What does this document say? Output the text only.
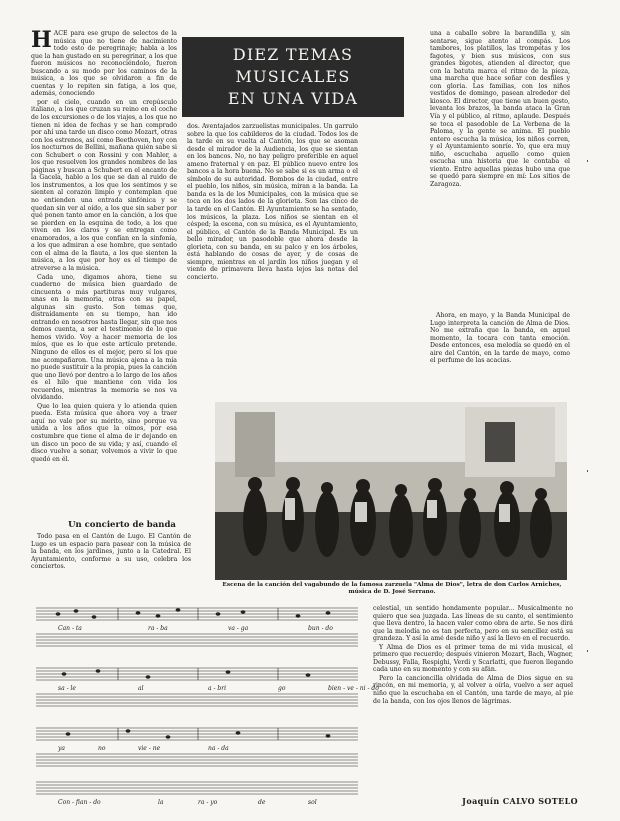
HACE para ese grupo de selectos de la música que no tiene de nacimiento todo esto de peregrinaje; habla a los que la han gustado en su peregrinar, a los que fueron músicos no reconociéndolo, fueron buscando a su modo por los caminos de la música, a los que se olvidaron a fin de cuentas y lo repiten sin fatiga, a los que, además, conociendo

por el cielo, cuando en un crepúsculo italiano, a los que cruzan su reino en el coche de los excursiones o de los viajes, a los que no tienen ni idea de fechas y se han comprado por ahí una tarde un disco como Mozart, otras con los estrenos, así como Beethoven, hoy con los nocturnos de Bellini, mañana quién sabe si con Schubert o con Rossini y con Mahler, a los que resuelven los grandes nombres de las páginas y buscan a Schubert en el encanto de la Gacela, hablo a los que se dan al ruido de los instrumentos, a los que los sentimos y se sienten al corazón limpio y contemplan que no entienden una entrada sinfónica y se quedan sin ver al oído, a los que sin saber por qué ponen tanto amor en la canción, a los que se pierden en la esquina de todo, a los que viven en los claros y se entregan como enamorados, a los que confían en la sinfonía, a los que admiran a ese hombre, que sentado con el alma de la flauta, a los que sienten la música, a los que por hoy es el tiempo de atreverse a la música.

Cada uno, digamos ahora, tiene su cuaderno de música bien guardado de cincuenta o más partituras muy vulgares, unas en la memoria, otras con su papel, algunas sin gusto. Son temas que, distraídamente en su tiempo, han ido entrando en nosotros hasta llegar, sin que nos demos cuenta, a ser el testimonio de lo que hemos vivido. Voy a hacer memoria de los míos, que es lo que este artículo pretende. Ninguno de ellos es el mejor, pero sí los que me acompañaron. Una música ajena a la mía no puede sustituir a la propia, pues la canción que uno llevó por dentro a lo largo de los años es el hilo que mantiene con vida los recuerdos, mientras la memoria se nos va olvidando.

Que lo lea quien quiera y lo atienda quien pueda. Esta música que ahora voy a traer aquí no vale por su mérito, sino porque va unida a los años que la oímos, por esa costumbre que tiene el alma de ir dejando en un disco un poco de su vida; y así, cuando el disco vuelve a sonar, volvemos a vivir lo que quedó en él.

DIEZ TEMAS MUSICALES
EN UNA VIDA

dos. Aventajados zarzuelistas municipales. Un garrulo sobre la que los cabilderos de la ciudad. Todos los de la tarde en su vuelta al Cantón, los que se asoman desde el mirador de la Audiencia, los que se sientan en los bancos. No, no hay peligro preferible en aquel ameno fraternal y en paz. El público nuevo entre los bancos a la hora buena. No se sabe si es un arma o el símbolo de su autoridad. Bombos de la ciudad, entre el pueblo, los niños, sin música, miran a la banda. La banda es la de los Municipales, con la música que se toca en los dos lados de la glorieta. Son las cinco de la tarde en el Cantón. El Ayuntamiento se ha sentado, los músicos, la plaza. Los niños se sientan en el césped; la escena, con su música, es el Ayuntamiento, el público, el Cantón de la Banda Municipal. Es un bello mirador, un pasodoble que ahora desde la glorieta, con su banda, en su palco y en los árboles, está hablando de cosas de ayer, y de cosas de siempre, mientras en el jardín los niños juegan y el viento de primavera lleva hasta lejos las notas del concierto.

una a caballo sobre la barandilla y, sin sentarse, sigue atento al compás. Los tambores, los platillos, las trompetas y los fagotes, y bien sus músicos, con sus grandes bigotes, atienden al director, que con la batuta marca el ritmo de la pieza, una marcha que hace soñar con desfiles y con gloria. Las familias, con los niños vestidos de domingo, pasean alrededor del kiosco. El director, que tiene un buen gesto, levanta los brazos, la banda ataca la Gran Vía y el público, al ritmo, aplaude. Después se toca el pasodoble de La Verbena de la Paloma, y la gente se anima. El pueblo entero escucha la música, los niños corren, y el Ayuntamiento sonríe. Yo, que era muy niño, escuchaba aquello como quien escucha una historia que le contaba el viento. Entre aquellas piezas hubo una que se quedó para siempre en mí: Los sitios de Zaragoza.

Ahora, en mayo, y la Banda Municipal de Lugo interpreta la canción de Alma de Dios. No me extraña que la banda, en aquel momento, la tocara con tanta emoción. Desde entonces, esa melodía se quedó en el aire del Cantón, en la tarde de mayo, como el perfume de las acacias.

Escena de la canción del vagabundo de la famosa zarzuela "Alma de Dios", letra de don Carlos Arniches, música de D. José Serrano.
Un concierto de banda

Todo pasa en el Cantón de Lugo. El Cantón de Lugo es un espacio para pasear con la música de la banda, en los jardines, junto a la Catedral. El Ayuntamiento, conforme a su uso, celebra los conciertos.

Can - ta	ra - ba	va - ga	bun - do
sa - le	al	a - bri	go	bien - ve - ni - do
ya	no	vie - ne	na - da
Con - fian - do	la	ra - yo	de	sol

celestial, un sentido hondamente popular... Musicalmente no quiero que sea juzgada. Las líneas de su canto, el sentimiento que lleva dentro, la hacen valer como obra de arte. Se nos dirá que la melodía no es tan perfecta, pero en su sencillez está su grandeza. Y así la amé desde niño y así la llevo en el recuerdo.

Y Alma de Dios es el primer tema de mi vida musical, el primero que recuerdo; después vinieron Mozart, Bach, Wagner, Debussy, Falla, Respighi, Verdi y Scarlatti, que fueron llegando cada uno en su momento y con su afán.

Pero la cancioncilla olvidada de Alma de Dios sigue en su rincón, en mi memoria, y, al volver a oírla, vuelvo a ser aquel niño que la escuchaba en el Cantón, una tarde de mayo, al pie de la banda, con los ojos llenos de lágrimas.

Joaquín CALVO SOTELO
